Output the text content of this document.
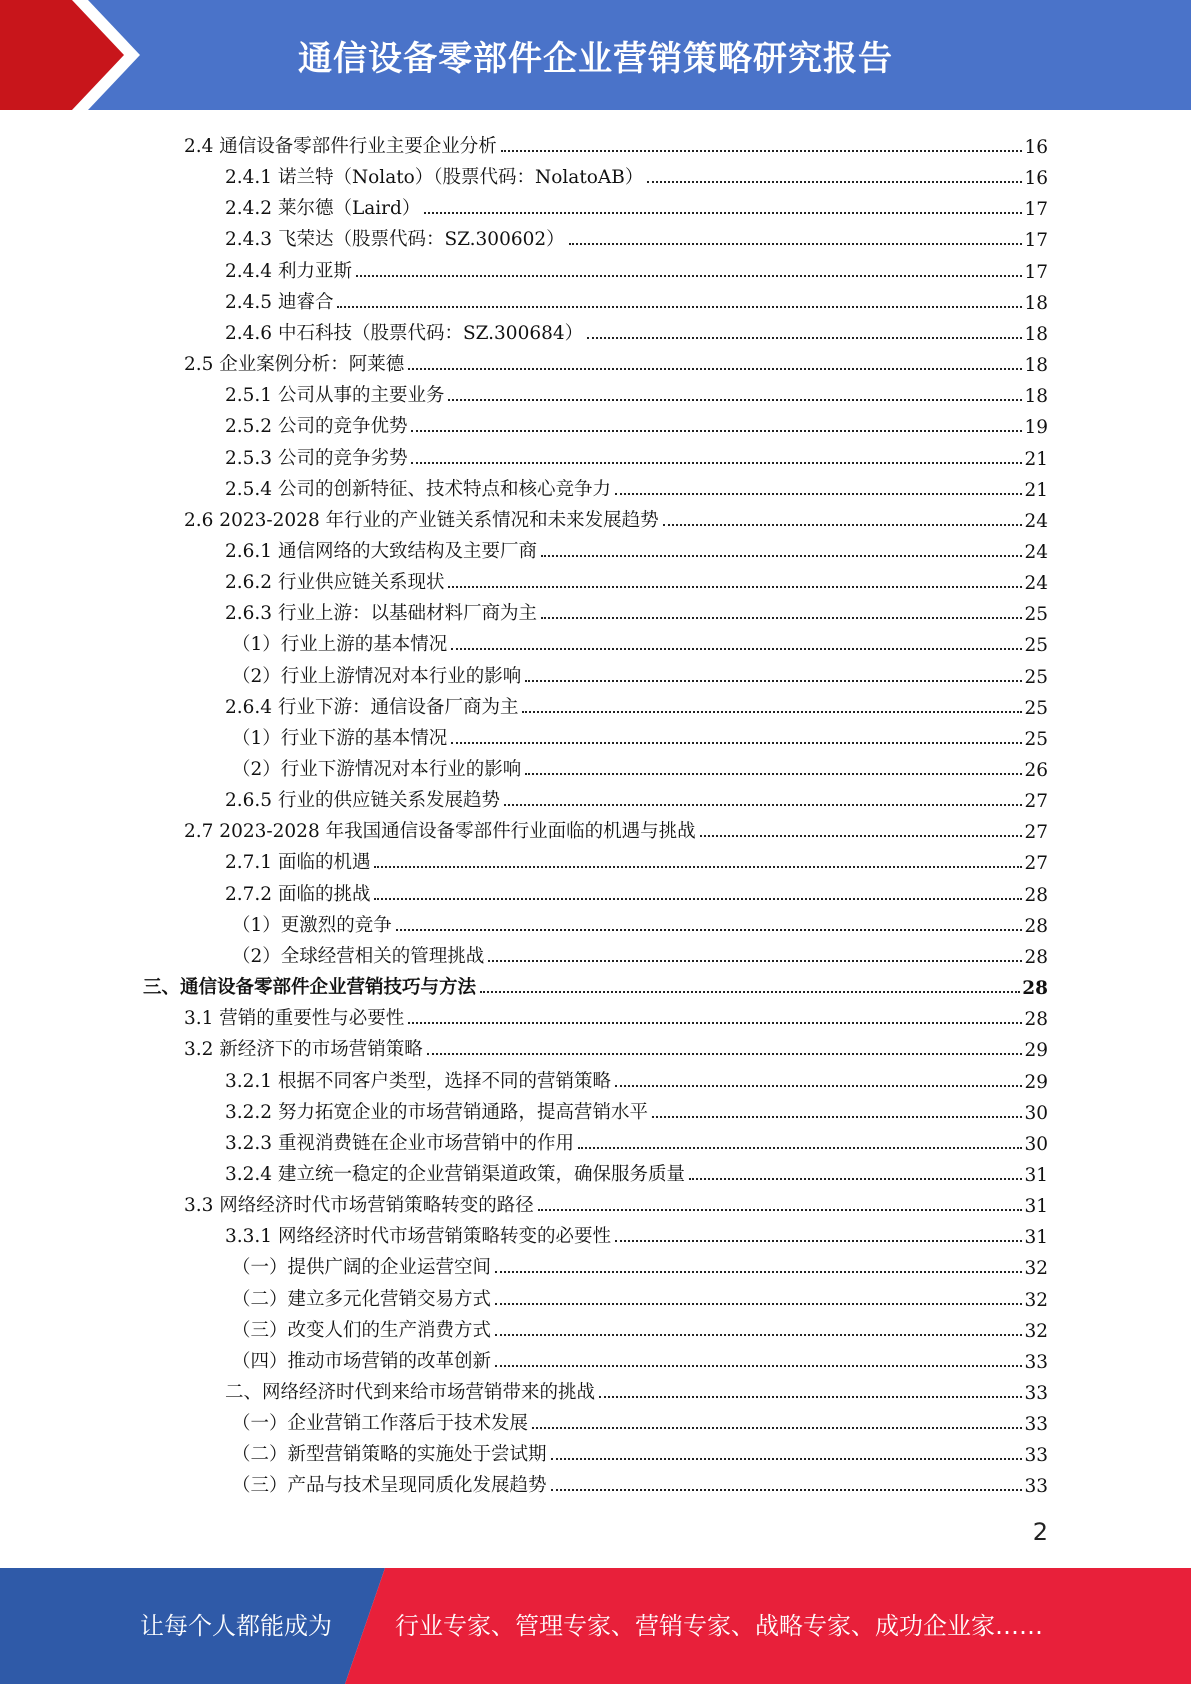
通信设备零部件企业营销策略研究报告
2.4 通信设备零部件行业主要企业分析	16
2.4.1 诺兰特（Nolato）（股票代码：NolatoAB）	16
2.4.2 莱尔德（Laird）	17
2.4.3 飞荣达（股票代码：SZ.300602）	17
2.4.4 利力亚斯	17
2.4.5 迪睿合	18
2.4.6 中石科技（股票代码：SZ.300684）	18
2.5 企业案例分析：阿莱德	18
2.5.1 公司从事的主要业务	18
2.5.2 公司的竞争优势	19
2.5.3 公司的竞争劣势	21
2.5.4 公司的创新特征、技术特点和核心竞争力	21
2.6 2023-2028 年行业的产业链关系情况和未来发展趋势	24
2.6.1 通信网络的大致结构及主要厂商	24
2.6.2 行业供应链关系现状	24
2.6.3 行业上游：以基础材料厂商为主	25
（1）行业上游的基本情况	25
（2）行业上游情况对本行业的影响	25
2.6.4 行业下游：通信设备厂商为主	25
（1）行业下游的基本情况	25
（2）行业下游情况对本行业的影响	26
2.6.5 行业的供应链关系发展趋势	27
2.7 2023-2028 年我国通信设备零部件行业面临的机遇与挑战	27
2.7.1 面临的机遇	27
2.7.2 面临的挑战	28
（1）更激烈的竞争	28
（2）全球经营相关的管理挑战	28
三、通信设备零部件企业营销技巧与方法	28
3.1 营销的重要性与必要性	28
3.2 新经济下的市场营销策略	29
3.2.1 根据不同客户类型，选择不同的营销策略	29
3.2.2 努力拓宽企业的市场营销通路，提高营销水平	30
3.2.3 重视消费链在企业市场营销中的作用	30
3.2.4 建立统一稳定的企业营销渠道政策，确保服务质量	31
3.3 网络经济时代市场营销策略转变的路径	31
3.3.1 网络经济时代市场营销策略转变的必要性	31
（一）提供广阔的企业运营空间	32
（二）建立多元化营销交易方式	32
（三）改变人们的生产消费方式	32
（四）推动市场营销的改革创新	33
二、网络经济时代到来给市场营销带来的挑战	33
（一）企业营销工作落后于技术发展	33
（二）新型营销策略的实施处于尝试期	33
（三）产品与技术呈现同质化发展趋势	33
2
让每个人都能成为	行业专家、管理专家、营销专家、战略专家、成功企业家……
